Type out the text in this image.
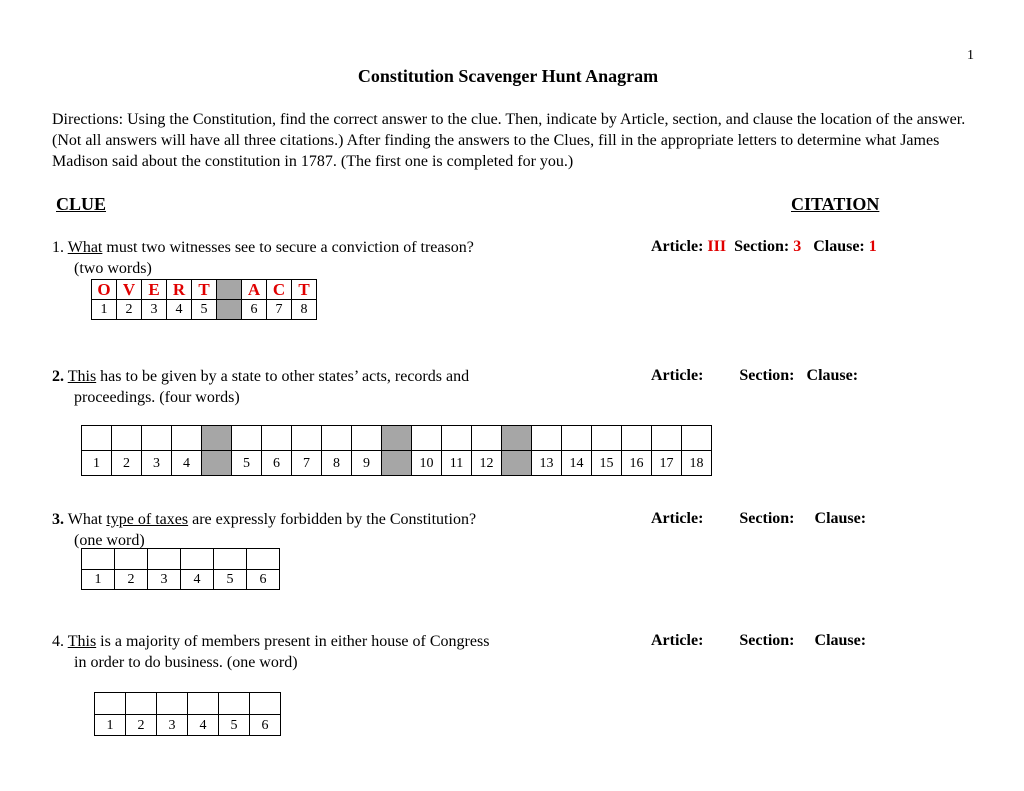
1
Constitution Scavenger Hunt Anagram
Directions: Using the Constitution, find the correct answer to the clue. Then, indicate by Article, section, and clause the location of the answer. (Not all answers will have all three citations.) After finding the answers to the Clues, fill in the appropriate letters to determine what James Madison said about the constitution in 1787. (The first one is completed for you.)
CLUE	CITATION
1. What must two witnesses see to secure a conviction of treason?
(two words)
Article: III Section: 3 Clause: 1
O	V	E	R	T		A	C	T
1	2	3	4	5		6	7	8
2. This has to be given by a state to other states’ acts, records and
proceedings. (four words)
Article: Section: Clause:

1	2	3	4		5	6	7	8	9		10	11	12		13	14	15	16	17	18
3. What type of taxes are expressly forbidden by the Constitution?
(one word)
Article: Section: Clause:

1	2	3	4	5	6
4. This is a majority of members present in either house of Congress
in order to do business. (one word)
Article: Section: Clause:

1	2	3	4	5	6
